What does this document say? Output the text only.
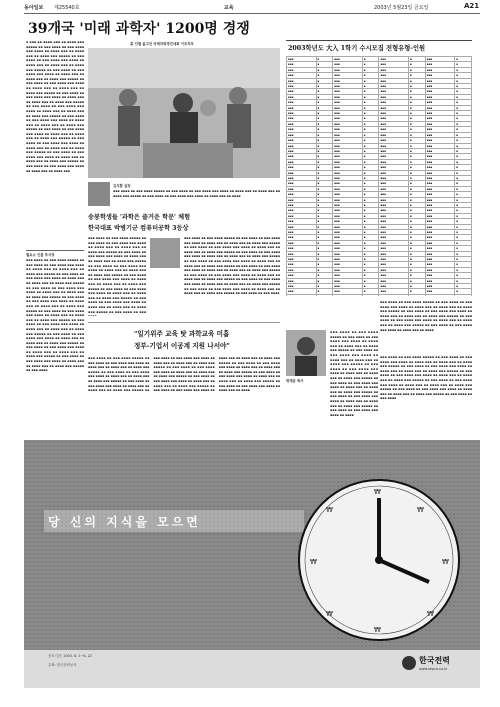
동아일보 제25540호	교육	2003년 5월23일 금요일	A21
39개국 '미래 과학자' 1200명 경쟁
▪ ▪▪▪ ▪▪ ▪▪▪▪ ▪▪▪ ▪▪ ▪▪▪▪ ▪▪▪ ▪▪▪▪▪ ▪▪ ▪▪▪ ▪▪▪▪ ▪▪ ▪▪▪ ▪▪▪▪ ▪▪▪ ▪▪▪▪ ▪▪ ▪▪▪▪ ▪▪▪ ▪▪ ▪▪▪▪ ▪▪▪ ▪▪ ▪▪▪▪ ▪▪▪ ▪▪▪▪▪ ▪▪ ▪▪▪ ▪▪▪▪ ▪▪ ▪▪▪ ▪▪▪▪ ▪▪▪ ▪▪▪▪ ▪▪ ▪▪▪▪ ▪▪▪ ▪▪ ▪▪▪▪ ▪▪▪ ▪▪ ▪▪▪▪ ▪▪▪ ▪▪▪▪▪ ▪▪ ▪▪▪ ▪▪▪▪ ▪▪ ▪▪▪ ▪▪▪▪ ▪▪▪ ▪▪▪▪ ▪▪ ▪▪▪▪ ▪▪▪ ▪▪ ▪▪▪▪ ▪▪▪ ▪▪ ▪▪▪▪ ▪▪▪ ▪▪▪▪▪ ▪▪ ▪▪▪ ▪▪▪▪ ▪▪ ▪▪▪ ▪▪▪▪ ▪▪▪ ▪▪▪▪ ▪▪ ▪▪▪▪ ▪▪▪ ▪▪ ▪▪▪▪ ▪▪▪ ▪▪ ▪▪▪▪ ▪▪▪ ▪▪▪▪▪ ▪▪ ▪▪▪ ▪▪▪▪ ▪▪ ▪▪▪ ▪▪▪▪ ▪▪▪ ▪▪▪▪ ▪▪ ▪▪▪▪ ▪▪▪ ▪▪ ▪▪▪▪ ▪▪▪ ▪▪ ▪▪▪▪ ▪▪▪ ▪▪▪▪▪ ▪▪ ▪▪▪ ▪▪▪▪ ▪▪ ▪▪▪ ▪▪▪▪ ▪▪▪ ▪▪▪▪ ▪▪ ▪▪▪▪ ▪▪▪ ▪▪ ▪▪▪▪ ▪▪▪ ▪▪ ▪▪▪▪ ▪▪▪ ▪▪▪▪▪ ▪▪ ▪▪▪ ▪▪▪▪ ▪▪ ▪▪▪ ▪▪▪▪ ▪▪▪ ▪▪▪▪ ▪▪ ▪▪▪▪ ▪▪▪ ▪▪ ▪▪▪▪ ▪▪▪ ▪▪ ▪▪▪▪ ▪▪▪ ▪▪▪▪▪ ▪▪ ▪▪▪ ▪▪▪▪ ▪▪ ▪▪▪ ▪▪▪▪ ▪▪▪ ▪▪▪▪ ▪▪ ▪▪▪▪ ▪▪▪ ▪▪ ▪▪▪▪ ▪▪▪ ▪▪ ▪▪▪▪ ▪▪▪ ▪▪▪▪▪ ▪▪ ▪▪▪ ▪▪▪▪ ▪▪ ▪▪▪ ▪▪▪▪ ▪▪▪ ▪▪▪▪ ▪▪ ▪▪▪▪ ▪▪▪ ▪▪ ▪▪▪▪ ▪▪▪ ▪▪ ▪▪▪▪ ▪▪▪ ▪▪▪▪▪ ▪▪ ▪▪▪ ▪▪▪▪ ▪▪ ▪▪▪ ▪▪▪▪ ▪▪▪ ▪▪▪▪ ▪▪ ▪▪▪▪ ▪▪▪ ▪▪ ▪▪▪▪ ▪▪▪ ▪▪ ▪▪▪▪ ▪▪▪ ▪▪▪▪▪ ▪▪ ▪▪▪ ▪▪▪▪ ▪▪ ▪▪▪ ▪▪▪▪ ▪▪▪ ▪▪▪▪ ▪▪ ▪▪▪▪ ▪▪▪ ▪▪ ▪▪▪▪ ▪▪▪
美 인텔 올고년 국제과학경진대회 이모저모
김지환 실장
▪▪▪ ▪▪▪▪ ▪▪ ▪▪▪ ▪▪▪▪ ▪▪▪▪▪ ▪▪ ▪▪▪ ▪▪▪▪ ▪▪ ▪▪▪ ▪▪▪▪ ▪▪▪ ▪▪▪▪ ▪▪ ▪▪▪▪ ▪▪▪ ▪▪ ▪▪▪▪ ▪▪▪ ▪▪ ▪▪▪▪ ▪▪▪ ▪▪▪▪▪ ▪▪ ▪▪▪ ▪▪▪▪ ▪▪ ▪▪▪ ▪▪▪▪ ▪▪▪ ▪▪▪▪ ▪▪ ▪▪▪▪ ▪▪▪ ▪▪ ▪▪▪▪
송봉학생들 '과학은 즐거운 학문' 체험
한국대표 박병기군 컴퓨터공학 3등상
▪▪▪ ▪▪▪▪ ▪▪ ▪▪▪ ▪▪▪▪ ▪▪▪▪▪ ▪▪ ▪▪▪ ▪▪▪▪ ▪▪ ▪▪▪ ▪▪▪▪ ▪▪▪ ▪▪▪▪ ▪▪ ▪▪▪▪ ▪▪▪ ▪▪ ▪▪▪▪ ▪▪▪ ▪▪ ▪▪▪▪ ▪▪▪ ▪▪▪▪▪ ▪▪ ▪▪▪ ▪▪▪▪ ▪▪ ▪▪▪ ▪▪▪▪ ▪▪▪ ▪▪▪▪ ▪▪ ▪▪▪▪ ▪▪▪ ▪▪ ▪▪▪▪ ▪▪▪ ▪▪ ▪▪▪▪ ▪▪▪ ▪▪▪▪▪ ▪▪ ▪▪▪ ▪▪▪▪ ▪▪ ▪▪▪ ▪▪▪▪ ▪▪▪ ▪▪▪▪ ▪▪ ▪▪▪▪ ▪▪▪ ▪▪ ▪▪▪▪ ▪▪▪ ▪▪ ▪▪▪▪ ▪▪▪ ▪▪▪▪▪ ▪▪ ▪▪▪ ▪▪▪▪ ▪▪ ▪▪▪ ▪▪▪▪ ▪▪▪ ▪▪▪▪ ▪▪ ▪▪▪▪ ▪▪▪ ▪▪ ▪▪▪▪ ▪▪▪ ▪▪ ▪▪▪▪ ▪▪▪ ▪▪▪▪▪ ▪▪ ▪▪▪ ▪▪▪▪ ▪▪ ▪▪▪ ▪▪▪▪ ▪▪▪ ▪▪▪▪ ▪▪ ▪▪▪▪ ▪▪▪ ▪▪ ▪▪▪▪ ▪▪▪ ▪▪ ▪▪▪▪ ▪▪▪ ▪▪▪▪▪ ▪▪ ▪▪▪ ▪▪▪▪ ▪▪ ▪▪▪ ▪▪▪▪ ▪▪▪ ▪▪▪▪ ▪▪ ▪▪▪▪ ▪▪▪ ▪▪ ▪▪▪▪ ▪▪▪ ▪▪ ▪▪▪▪ ▪▪▪ ▪▪▪▪▪ ▪▪ ▪▪▪ ▪▪▪▪ ▪▪ ▪▪▪
▪▪▪ ▪▪▪▪ ▪▪ ▪▪▪ ▪▪▪▪ ▪▪▪▪▪ ▪▪ ▪▪▪ ▪▪▪▪ ▪▪ ▪▪▪ ▪▪▪▪ ▪▪▪ ▪▪▪▪ ▪▪ ▪▪▪▪ ▪▪▪ ▪▪ ▪▪▪▪ ▪▪▪ ▪▪ ▪▪▪▪ ▪▪▪ ▪▪▪▪▪ ▪▪ ▪▪▪ ▪▪▪▪ ▪▪ ▪▪▪ ▪▪▪▪ ▪▪▪ ▪▪▪▪ ▪▪ ▪▪▪▪ ▪▪▪ ▪▪ ▪▪▪▪ ▪▪▪ ▪▪ ▪▪▪▪ ▪▪▪ ▪▪▪▪▪ ▪▪ ▪▪▪ ▪▪▪▪ ▪▪ ▪▪▪ ▪▪▪▪ ▪▪▪ ▪▪▪▪ ▪▪ ▪▪▪▪ ▪▪▪ ▪▪ ▪▪▪▪ ▪▪▪ ▪▪ ▪▪▪▪ ▪▪▪ ▪▪▪▪▪ ▪▪ ▪▪▪ ▪▪▪▪ ▪▪ ▪▪▪ ▪▪▪▪ ▪▪▪ ▪▪▪▪ ▪▪ ▪▪▪▪ ▪▪▪ ▪▪ ▪▪▪▪ ▪▪▪ ▪▪ ▪▪▪▪ ▪▪▪ ▪▪▪▪▪ ▪▪ ▪▪▪ ▪▪▪▪ ▪▪ ▪▪▪ ▪▪▪▪ ▪▪▪ ▪▪▪▪ ▪▪ ▪▪▪▪ ▪▪▪ ▪▪ ▪▪▪▪ ▪▪▪ ▪▪ ▪▪▪▪ ▪▪▪ ▪▪▪▪▪ ▪▪ ▪▪▪ ▪▪▪▪ ▪▪ ▪▪▪ ▪▪▪▪ ▪▪▪ ▪▪▪▪ ▪▪ ▪▪▪▪ ▪▪▪ ▪▪ ▪▪▪▪ ▪▪▪ ▪▪ ▪▪▪▪ ▪▪▪ ▪▪▪▪▪ ▪▪ ▪▪▪ ▪▪▪▪ ▪▪ ▪▪▪ ▪▪▪▪ ▪▪▪ ▪▪▪▪ ▪▪ ▪▪▪▪ ▪▪▪ ▪▪ ▪▪▪▪ ▪▪▪ ▪▪ ▪▪▪▪ ▪▪▪ ▪▪▪▪▪ ▪▪ ▪▪▪ ▪▪▪▪ ▪▪ ▪▪▪ ▪▪▪▪ ▪▪▪ ▪▪▪▪ ▪▪ ▪▪▪▪ ▪▪▪ ▪▪ ▪▪▪▪ ▪▪▪ ▪▪ ▪▪▪▪ ▪▪▪ ▪▪▪▪▪ ▪▪ ▪▪▪ ▪▪▪▪ ▪▪ ▪▪▪ ▪▪▪▪
월요소 인물 투서장
▪▪▪ ▪▪▪▪ ▪▪ ▪▪▪ ▪▪▪▪ ▪▪▪▪▪ ▪▪ ▪▪▪ ▪▪▪▪ ▪▪ ▪▪▪ ▪▪▪▪ ▪▪▪ ▪▪▪▪ ▪▪ ▪▪▪▪ ▪▪▪ ▪▪ ▪▪▪▪ ▪▪▪ ▪▪ ▪▪▪▪ ▪▪▪ ▪▪▪▪▪ ▪▪ ▪▪▪ ▪▪▪▪ ▪▪ ▪▪▪ ▪▪▪▪ ▪▪▪ ▪▪▪▪ ▪▪ ▪▪▪▪ ▪▪▪ ▪▪ ▪▪▪▪ ▪▪▪ ▪▪ ▪▪▪▪ ▪▪▪ ▪▪▪▪▪ ▪▪ ▪▪▪ ▪▪▪▪ ▪▪ ▪▪▪ ▪▪▪▪ ▪▪▪ ▪▪▪▪ ▪▪ ▪▪▪▪ ▪▪▪ ▪▪ ▪▪▪▪ ▪▪▪ ▪▪ ▪▪▪▪ ▪▪▪ ▪▪▪▪▪ ▪▪ ▪▪▪ ▪▪▪▪ ▪▪ ▪▪▪ ▪▪▪▪ ▪▪▪ ▪▪▪▪ ▪▪ ▪▪▪▪ ▪▪▪ ▪▪ ▪▪▪▪ ▪▪▪ ▪▪ ▪▪▪▪ ▪▪▪ ▪▪▪▪▪ ▪▪ ▪▪▪ ▪▪▪▪ ▪▪ ▪▪▪ ▪▪▪▪ ▪▪▪ ▪▪▪▪ ▪▪ ▪▪▪▪ ▪▪▪ ▪▪ ▪▪▪▪ ▪▪▪ ▪▪ ▪▪▪▪ ▪▪▪ ▪▪▪▪▪ ▪▪ ▪▪▪ ▪▪▪▪ ▪▪ ▪▪▪ ▪▪▪▪ ▪▪▪ ▪▪▪▪ ▪▪ ▪▪▪▪ ▪▪▪ ▪▪ ▪▪▪▪ ▪▪▪ ▪▪ ▪▪▪▪ ▪▪▪ ▪▪▪▪▪ ▪▪ ▪▪▪ ▪▪▪▪ ▪▪ ▪▪▪ ▪▪▪▪ ▪▪▪ ▪▪▪▪ ▪▪ ▪▪▪▪ ▪▪▪ ▪▪ ▪▪▪▪ ▪▪▪ ▪▪ ▪▪▪▪ ▪▪▪ ▪▪▪▪▪ ▪▪ ▪▪▪ ▪▪▪▪ ▪▪ ▪▪▪ ▪▪▪▪ ▪▪▪ ▪▪▪▪ ▪▪ ▪▪▪▪ ▪▪▪ ▪▪ ▪▪▪▪ ▪▪▪ ▪▪ ▪▪▪▪ ▪▪▪ ▪▪▪▪▪ ▪▪ ▪▪▪ ▪▪▪▪ ▪▪ ▪▪▪ ▪▪▪▪ ▪▪▪ ▪▪▪▪ ▪▪ ▪▪▪▪ ▪▪▪ ▪▪ ▪▪▪▪ ▪▪▪ ▪▪ ▪▪▪▪ ▪▪▪ ▪▪▪▪▪ ▪▪ ▪▪▪ ▪▪▪▪
"일기위주 교육 탓 과학교육 미흡
정부-기업서 이공계 지원 나서야"
▪▪▪ ▪▪▪▪ ▪▪ ▪▪▪ ▪▪▪▪ ▪▪▪▪▪ ▪▪ ▪▪▪ ▪▪▪▪ ▪▪ ▪▪▪ ▪▪▪▪ ▪▪▪ ▪▪▪▪ ▪▪ ▪▪▪▪ ▪▪▪ ▪▪ ▪▪▪▪ ▪▪▪ ▪▪ ▪▪▪▪ ▪▪▪ ▪▪▪▪▪ ▪▪ ▪▪▪ ▪▪▪▪ ▪▪ ▪▪▪ ▪▪▪▪ ▪▪▪ ▪▪▪▪ ▪▪ ▪▪▪▪ ▪▪▪ ▪▪ ▪▪▪▪ ▪▪▪ ▪▪ ▪▪▪▪ ▪▪▪ ▪▪▪▪▪ ▪▪ ▪▪▪ ▪▪▪▪ ▪▪ ▪▪▪ ▪▪▪▪ ▪▪▪ ▪▪▪▪ ▪▪ ▪▪▪▪ ▪▪▪ ▪▪ ▪▪▪▪ ▪▪▪ ▪▪ ▪▪▪▪ ▪▪▪ ▪▪▪▪▪ ▪▪ ▪▪▪ ▪▪▪▪ ▪▪ ▪▪▪ ▪▪▪▪ ▪▪▪ ▪▪▪▪ ▪▪ ▪▪▪▪ ▪▪▪ ▪▪ ▪▪▪▪ ▪▪▪ ▪▪ ▪▪▪▪ ▪▪▪ ▪▪▪▪▪ ▪▪ ▪▪▪ ▪▪▪▪ ▪▪ ▪▪▪ ▪▪▪▪ ▪▪▪ ▪▪▪▪ ▪▪ ▪▪▪▪ ▪▪▪ ▪▪ ▪▪▪▪ ▪▪▪ ▪▪ ▪▪▪▪ ▪▪▪ ▪▪▪▪▪ ▪▪ ▪▪▪ ▪▪▪▪ ▪▪ ▪▪▪ ▪▪▪▪ ▪▪▪ ▪▪▪▪ ▪▪ ▪▪▪▪ ▪▪▪ ▪▪ ▪▪▪▪ ▪▪▪ ▪▪ ▪▪▪▪ ▪▪▪ ▪▪▪▪▪ ▪▪ ▪▪▪ ▪▪▪▪ ▪▪ ▪▪▪ ▪▪▪▪ ▪▪▪ ▪▪▪▪ ▪▪ ▪▪▪▪ ▪▪▪ ▪▪ ▪▪▪▪ ▪▪▪ ▪▪ ▪▪▪▪ ▪▪▪ ▪▪▪▪▪ ▪▪ ▪▪▪ ▪▪▪▪ ▪▪ ▪▪▪ ▪▪▪▪ ▪▪▪ ▪▪▪▪ ▪▪ ▪▪▪▪ ▪▪▪ ▪▪ ▪▪▪▪ ▪▪▪ ▪▪ ▪▪▪▪ ▪▪▪ ▪▪▪▪▪ ▪▪ ▪▪▪ ▪▪▪▪ ▪▪ ▪▪▪ ▪▪▪▪ ▪▪▪ ▪▪▪▪ ▪▪ ▪▪▪▪ ▪▪▪ ▪▪ ▪▪▪▪ ▪▪▪ ▪▪ ▪▪▪▪ ▪▪▪ ▪▪▪▪▪ ▪▪ ▪▪▪ ▪▪▪▪ ▪▪ ▪▪▪ ▪▪▪▪ ▪▪▪ ▪▪▪▪ ▪▪ ▪▪▪▪ ▪▪▪ ▪▪ ▪▪▪▪
2003학년도 大入 1학기 수시모집 전형유형-인원
▪▪▪	▪	▪▪▪	▪	▪▪▪	▪	▪▪▪	▪
▪▪▪	▪	▪▪▪	▪	▪▪▪	▪	▪▪▪	▪
▪▪▪	▪	▪▪▪	▪	▪▪▪	▪	▪▪▪	▪
▪▪▪	▪	▪▪▪	▪	▪▪▪	▪	▪▪▪	▪
▪▪▪	▪	▪▪▪	▪	▪▪▪	▪	▪▪▪	▪
▪▪▪	▪	▪▪▪	▪	▪▪▪	▪	▪▪▪	▪
▪▪▪	▪	▪▪▪	▪	▪▪▪	▪	▪▪▪	▪
▪▪▪	▪	▪▪▪	▪	▪▪▪	▪	▪▪▪	▪
▪▪▪	▪	▪▪▪	▪	▪▪▪	▪	▪▪▪	▪
▪▪▪	▪	▪▪▪	▪	▪▪▪	▪	▪▪▪	▪
▪▪▪	▪	▪▪▪	▪	▪▪▪	▪	▪▪▪	▪
▪▪▪	▪	▪▪▪	▪	▪▪▪	▪	▪▪▪	▪
▪▪▪	▪	▪▪▪	▪	▪▪▪	▪	▪▪▪	▪
▪▪▪	▪	▪▪▪	▪	▪▪▪	▪	▪▪▪	▪
▪▪▪	▪	▪▪▪	▪	▪▪▪	▪	▪▪▪	▪
▪▪▪	▪	▪▪▪	▪	▪▪▪	▪	▪▪▪	▪
▪▪▪	▪	▪▪▪	▪	▪▪▪	▪	▪▪▪	▪
▪▪▪	▪	▪▪▪	▪	▪▪▪	▪	▪▪▪	▪
▪▪▪	▪	▪▪▪	▪	▪▪▪	▪	▪▪▪	▪
▪▪▪	▪	▪▪▪	▪	▪▪▪	▪	▪▪▪	▪
▪▪▪	▪	▪▪▪	▪	▪▪▪	▪	▪▪▪	▪
▪▪▪	▪	▪▪▪	▪	▪▪▪	▪	▪▪▪	▪
▪▪▪	▪	▪▪▪	▪	▪▪▪	▪	▪▪▪	▪
▪▪▪	▪	▪▪▪	▪	▪▪▪	▪	▪▪▪	▪
▪▪▪	▪	▪▪▪	▪	▪▪▪	▪	▪▪▪	▪
▪▪▪	▪	▪▪▪	▪	▪▪▪	▪	▪▪▪	▪
▪▪▪	▪	▪▪▪	▪	▪▪▪	▪	▪▪▪	▪
▪▪▪	▪	▪▪▪	▪	▪▪▪	▪	▪▪▪	▪
▪▪▪	▪	▪▪▪	▪	▪▪▪	▪	▪▪▪	▪
▪▪▪	▪	▪▪▪	▪	▪▪▪	▪	▪▪▪	▪
▪▪▪	▪	▪▪▪	▪	▪▪▪	▪	▪▪▪	▪
▪▪▪	▪	▪▪▪	▪	▪▪▪	▪	▪▪▪	▪
▪▪▪	▪	▪▪▪	▪	▪▪▪	▪	▪▪▪	▪
▪▪▪	▪	▪▪▪	▪	▪▪▪	▪	▪▪▪	▪
▪▪▪	▪	▪▪▪	▪	▪▪▪	▪	▪▪▪	▪
▪▪▪	▪	▪▪▪	▪	▪▪▪	▪	▪▪▪	▪
▪▪▪	▪	▪▪▪	▪	▪▪▪	▪	▪▪▪	▪
▪▪▪	▪	▪▪▪	▪	▪▪▪	▪	▪▪▪	▪
▪▪▪	▪	▪▪▪	▪	▪▪▪	▪	▪▪▪	▪
▪▪▪	▪	▪▪▪	▪	▪▪▪	▪	▪▪▪	▪
▪▪▪	▪	▪▪▪	▪	▪▪▪	▪	▪▪▪	▪
▪▪▪	▪	▪▪▪	▪	▪▪▪	▪	▪▪▪	▪
▪▪▪	▪	▪▪▪	▪	▪▪▪	▪	▪▪▪	▪
▪▪▪	▪	▪▪▪	▪	▪▪▪	▪	▪▪▪	▪

▪▪▪ ▪▪▪▪ ▪▪ ▪▪▪ ▪▪▪▪ ▪▪▪▪▪ ▪▪ ▪▪▪ ▪▪▪▪ ▪▪ ▪▪▪ ▪▪▪▪ ▪▪▪ ▪▪▪▪ ▪▪ ▪▪▪▪ ▪▪▪ ▪▪ ▪▪▪▪ ▪▪▪ ▪▪ ▪▪▪▪ ▪▪▪ ▪▪▪▪▪ ▪▪ ▪▪▪ ▪▪▪▪ ▪▪ ▪▪▪ ▪▪▪▪ ▪▪▪ ▪▪▪▪ ▪▪ ▪▪▪▪ ▪▪▪ ▪▪ ▪▪▪▪ ▪▪▪ ▪▪ ▪▪▪▪ ▪▪▪ ▪▪▪▪▪ ▪▪ ▪▪▪ ▪▪▪▪ ▪▪ ▪▪▪ ▪▪▪▪ ▪▪▪ ▪▪▪▪ ▪▪ ▪▪▪▪ ▪▪▪ ▪▪ ▪▪▪▪ ▪▪▪ ▪▪ ▪▪▪▪ ▪▪▪ ▪▪▪▪▪ ▪▪ ▪▪▪ ▪▪▪▪ ▪▪ ▪▪▪ ▪▪▪▪ ▪▪▪ ▪▪▪▪ ▪▪ ▪▪▪▪ ▪▪▪ ▪▪ ▪▪▪▪
명재윤 박사
▪▪▪ ▪▪▪▪ ▪▪ ▪▪▪ ▪▪▪▪ ▪▪▪▪▪ ▪▪ ▪▪▪ ▪▪▪▪ ▪▪ ▪▪▪ ▪▪▪▪ ▪▪▪ ▪▪▪▪ ▪▪ ▪▪▪▪ ▪▪▪ ▪▪ ▪▪▪▪ ▪▪▪ ▪▪ ▪▪▪▪ ▪▪▪ ▪▪▪▪▪ ▪▪ ▪▪▪ ▪▪▪▪ ▪▪ ▪▪▪ ▪▪▪▪ ▪▪▪ ▪▪▪▪ ▪▪ ▪▪▪▪ ▪▪▪ ▪▪ ▪▪▪▪ ▪▪▪ ▪▪ ▪▪▪▪ ▪▪▪ ▪▪▪▪▪ ▪▪ ▪▪▪ ▪▪▪▪ ▪▪ ▪▪▪ ▪▪▪▪ ▪▪▪ ▪▪▪▪ ▪▪ ▪▪▪▪ ▪▪▪ ▪▪ ▪▪▪▪ ▪▪▪ ▪▪ ▪▪▪▪ ▪▪▪ ▪▪▪▪▪ ▪▪ ▪▪▪ ▪▪▪▪ ▪▪ ▪▪▪ ▪▪▪▪ ▪▪▪ ▪▪▪▪ ▪▪ ▪▪▪▪ ▪▪▪ ▪▪ ▪▪▪▪ ▪▪▪ ▪▪ ▪▪▪▪ ▪▪▪ ▪▪▪▪▪ ▪▪ ▪▪▪ ▪▪▪▪ ▪▪ ▪▪▪ ▪▪▪▪ ▪▪▪ ▪▪▪▪ ▪▪ ▪▪▪▪ ▪▪▪ ▪▪ ▪▪▪▪ ▪▪▪ ▪▪ ▪▪▪▪ ▪▪▪ ▪▪▪▪▪ ▪▪ ▪▪▪ ▪▪▪▪ ▪▪ ▪▪▪ ▪▪▪▪ ▪▪▪ ▪▪▪▪ ▪▪ ▪▪▪▪
▪▪▪ ▪▪▪▪ ▪▪ ▪▪▪ ▪▪▪▪ ▪▪▪▪▪ ▪▪ ▪▪▪ ▪▪▪▪ ▪▪ ▪▪▪ ▪▪▪▪ ▪▪▪ ▪▪▪▪ ▪▪ ▪▪▪▪ ▪▪▪ ▪▪ ▪▪▪▪ ▪▪▪ ▪▪ ▪▪▪▪ ▪▪▪ ▪▪▪▪▪ ▪▪ ▪▪▪ ▪▪▪▪ ▪▪ ▪▪▪ ▪▪▪▪ ▪▪▪ ▪▪▪▪ ▪▪ ▪▪▪▪ ▪▪▪ ▪▪ ▪▪▪▪ ▪▪▪ ▪▪ ▪▪▪▪ ▪▪▪ ▪▪▪▪▪ ▪▪ ▪▪▪ ▪▪▪▪ ▪▪ ▪▪▪ ▪▪▪▪ ▪▪▪ ▪▪▪▪ ▪▪ ▪▪▪▪ ▪▪▪ ▪▪ ▪▪▪▪ ▪▪▪ ▪▪ ▪▪▪▪ ▪▪▪ ▪▪▪▪▪ ▪▪ ▪▪▪ ▪▪▪▪ ▪▪ ▪▪▪ ▪▪▪▪ ▪▪▪ ▪▪▪▪ ▪▪ ▪▪▪▪ ▪▪▪ ▪▪ ▪▪▪▪ ▪▪▪ ▪▪ ▪▪▪▪ ▪▪▪ ▪▪▪▪▪ ▪▪ ▪▪▪ ▪▪▪▪ ▪▪ ▪▪▪ ▪▪▪▪ ▪▪▪ ▪▪▪▪ ▪▪ ▪▪▪▪ ▪▪▪ ▪▪ ▪▪▪▪ ▪▪▪ ▪▪ ▪▪▪▪ ▪▪▪ ▪▪▪▪▪ ▪▪ ▪▪▪ ▪▪▪▪ ▪▪ ▪▪▪ ▪▪▪▪
₩
₩
₩
₩
₩
₩
₩
₩
당 신의 지식을 모으면
응모기간: 2003. 6. 1~6. 22
주최: 한국전력공사	한국전력
www.kepco.co.kr
